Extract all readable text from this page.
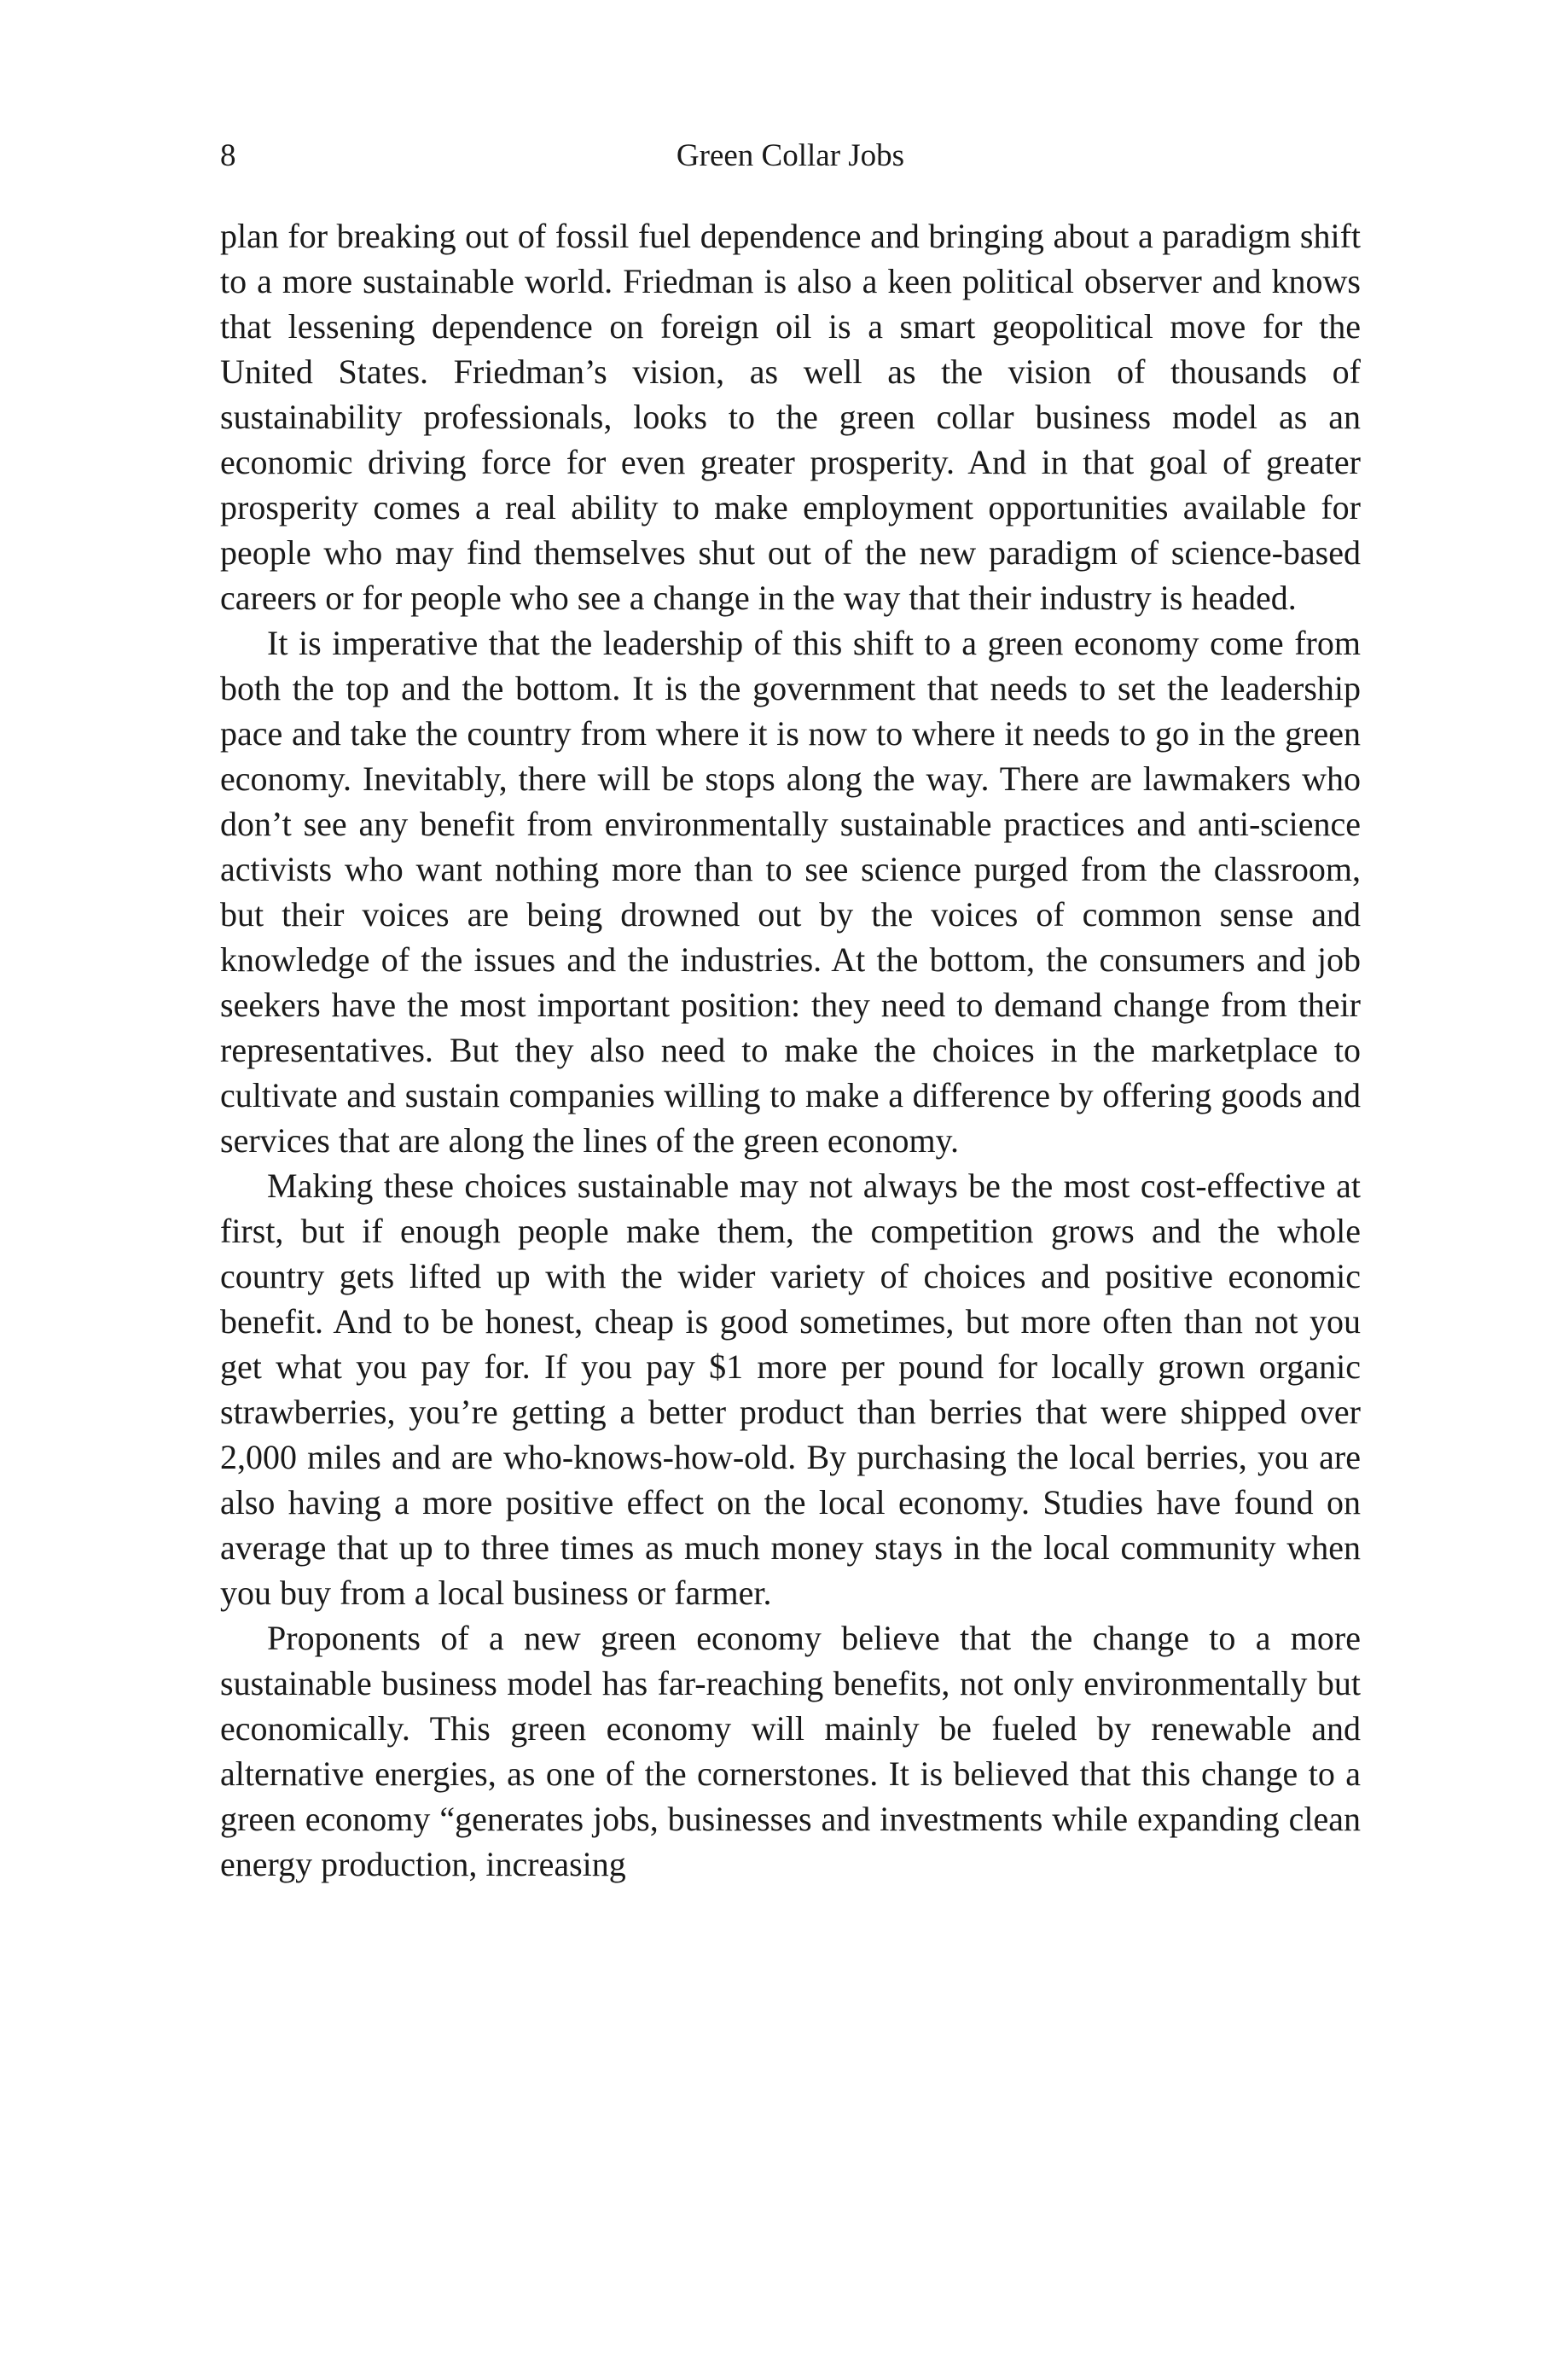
8	Green Collar Jobs

plan for breaking out of fossil fuel dependence and bringing about a paradigm shift to a more sustainable world. Friedman is also a keen political observer and knows that lessening dependence on foreign oil is a smart geopolitical move for the United States. Friedman’s vision, as well as the vision of thousands of sustainability professionals, looks to the green collar business model as an economic driving force for even greater prosperity. And in that goal of greater prosperity comes a real ability to make employment opportunities available for people who may find themselves shut out of the new paradigm of science-based careers or for people who see a change in the way that their industry is headed.

It is imperative that the leadership of this shift to a green economy come from both the top and the bottom. It is the government that needs to set the leadership pace and take the country from where it is now to where it needs to go in the green economy. Inevitably, there will be stops along the way. There are lawmakers who don’t see any benefit from environmentally sustainable practices and anti-science activists who want nothing more than to see science purged from the classroom, but their voices are being drowned out by the voices of common sense and knowledge of the issues and the industries. At the bottom, the consumers and job seekers have the most important position: they need to demand change from their representatives. But they also need to make the choices in the marketplace to cultivate and sustain companies willing to make a difference by offering goods and services that are along the lines of the green economy.

Making these choices sustainable may not always be the most cost-effective at first, but if enough people make them, the competition grows and the whole country gets lifted up with the wider variety of choices and positive economic benefit. And to be honest, cheap is good sometimes, but more often than not you get what you pay for. If you pay $1 more per pound for locally grown organic strawberries, you’re getting a better product than berries that were shipped over 2,000 miles and are who-knows-how-old. By purchasing the local berries, you are also having a more positive effect on the local economy. Studies have found on average that up to three times as much money stays in the local community when you buy from a local business or farmer.

Proponents of a new green economy believe that the change to a more sustainable business model has far-reaching benefits, not only environmentally but economically. This green economy will mainly be fueled by renewable and alternative energies, as one of the cornerstones. It is believed that this change to a green economy “generates jobs, businesses and investments while expanding clean energy production, increasing
